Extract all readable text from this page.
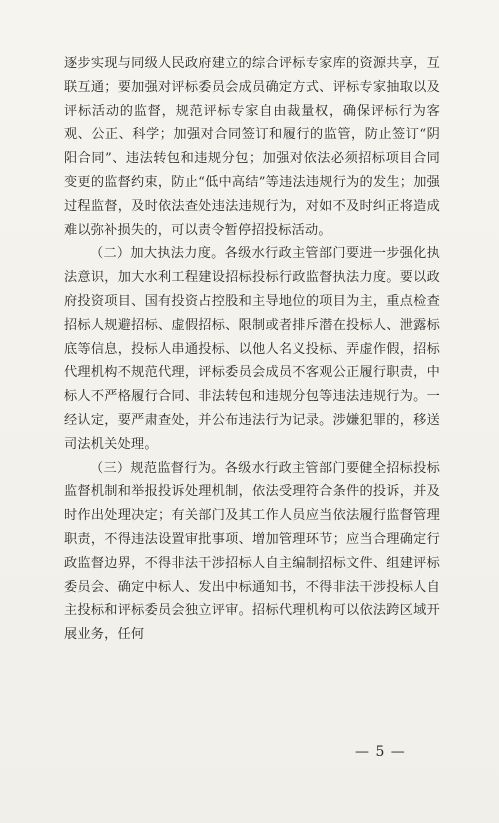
逐步实现与同级人民政府建立的综合评标专家库的资源共享，互联互通；要加强对评标委员会成员确定方式、评标专家抽取以及评标活动的监督，规范评标专家自由裁量权，确保评标行为客观、公正、科学；加强对合同签订和履行的监管，防止签订“阴阳合同”、违法转包和违规分包；加强对依法必须招标项目合同变更的监督约束，防止“低中高结”等违法违规行为的发生；加强过程监督，及时依法查处违法违规行为，对如不及时纠正将造成难以弥补损失的，可以责令暂停招投标活动。

（二）加大执法力度。各级水行政主管部门要进一步强化执法意识，加大水利工程建设招标投标行政监督执法力度。要以政府投资项目、国有投资占控股和主导地位的项目为主，重点检查招标人规避招标、虚假招标、限制或者排斥潜在投标人、泄露标底等信息，投标人串通投标、以他人名义投标、弄虚作假，招标代理机构不规范代理，评标委员会成员不客观公正履行职责，中标人不严格履行合同、非法转包和违规分包等违法违规行为。一经认定，要严肃查处，并公布违法行为记录。涉嫌犯罪的，移送司法机关处理。

（三）规范监督行为。各级水行政主管部门要健全招标投标监督机制和举报投诉处理机制，依法受理符合条件的投诉，并及时作出处理决定；有关部门及其工作人员应当依法履行监督管理职责，不得违法设置审批事项、增加管理环节；应当合理确定行政监督边界，不得非法干涉招标人自主编制招标文件、组建评标委员会、确定中标人、发出中标通知书，不得非法干涉投标人自主投标和评标委员会独立评审。招标代理机构可以依法跨区域开展业务，任何

— 5 —
